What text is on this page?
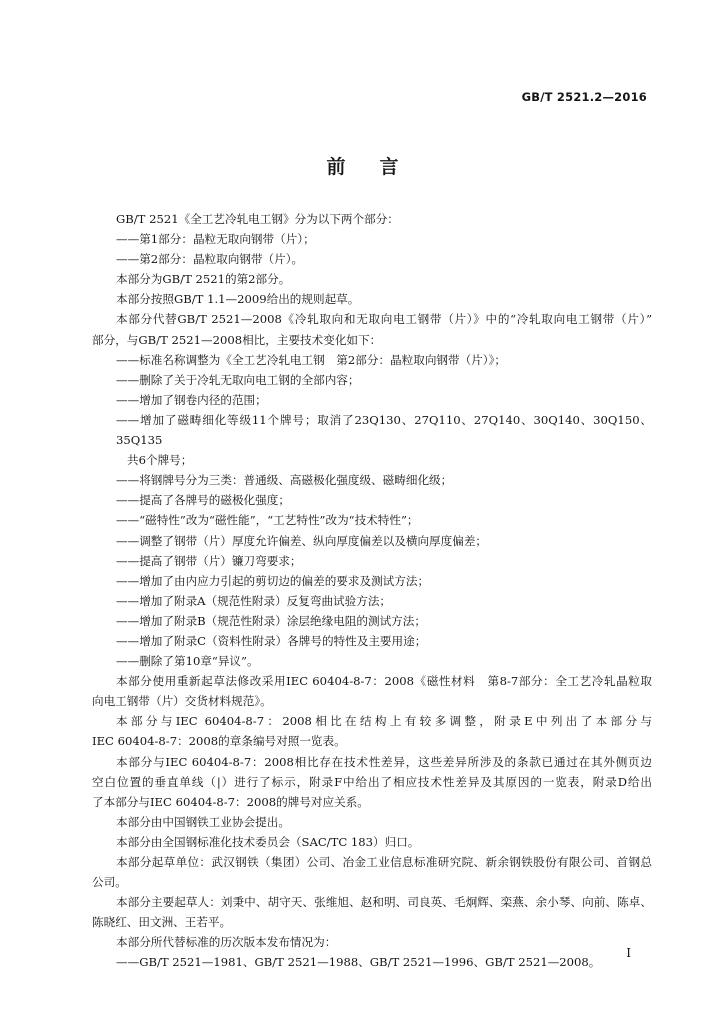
GB/T 2521.2—2016
前言

GB/T 2521《全工艺冷轧电工钢》分为以下两个部分：

——第1部分：晶粒无取向钢带（片）；

——第2部分：晶粒取向钢带（片）。

本部分为GB/T 2521的第2部分。

本部分按照GB/T 1.1—2009给出的规则起草。

本部分代替GB/T 2521—2008《冷轧取向和无取向电工钢带（片）》中的“冷轧取向电工钢带（片）”

部分，与GB/T 2521—2008相比，主要技术变化如下：

——标准名称调整为《全工艺冷轧电工钢　第2部分：晶粒取向钢带（片）》；

——删除了关于冷轧无取向电工钢的全部内容；

——增加了钢卷内径的范围；

——增加了磁畴细化等级11个牌号；取消了23Q130、27Q110、27Q140、30Q140、30Q150、35Q135

共6个牌号；

——将钢牌号分为三类：普通级、高磁极化强度级、磁畴细化级；

——提高了各牌号的磁极化强度；

——“磁特性”改为“磁性能”，“工艺特性”改为“技术特性”；

——调整了钢带（片）厚度允许偏差、纵向厚度偏差以及横向厚度偏差；

——提高了钢带（片）镰刀弯要求；

——增加了由内应力引起的剪切边的偏差的要求及测试方法；

——增加了附录A（规范性附录）反复弯曲试验方法；

——增加了附录B（规范性附录）涂层绝缘电阻的测试方法；

——增加了附录C（资料性附录）各牌号的特性及主要用途；

——删除了第10章“异议”。

本部分使用重新起草法修改采用IEC 60404-8-7：2008《磁性材料　第8-7部分：全工艺冷轧晶粒取

向电工钢带（片）交货材料规范》。

本部分与IEC 60404-8-7：2008相比在结构上有较多调整，附录E中列出了本部分与

IEC 60404-8-7：2008的章条编号对照一览表。

本部分与IEC 60404-8-7：2008相比存在技术性差异，这些差异所涉及的条款已通过在其外侧页边

空白位置的垂直单线（|）进行了标示，附录F中给出了相应技术性差异及其原因的一览表，附录D给出

了本部分与IEC 60404-8-7：2008的牌号对应关系。

本部分由中国钢铁工业协会提出。

本部分由全国钢标准化技术委员会（SAC/TC 183）归口。

本部分起草单位：武汉钢铁（集团）公司、冶金工业信息标准研究院、新余钢铁股份有限公司、首钢总

公司。

本部分主要起草人：刘秉中、胡守天、张维旭、赵和明、司良英、毛炯辉、栾燕、余小琴、向前、陈卓、

陈晓红、田文洲、王若平。

本部分所代替标准的历次版本发布情况为：

——GB/T 2521—1981、GB/T 2521—1988、GB/T 2521—1996、GB/T 2521—2008。

I
